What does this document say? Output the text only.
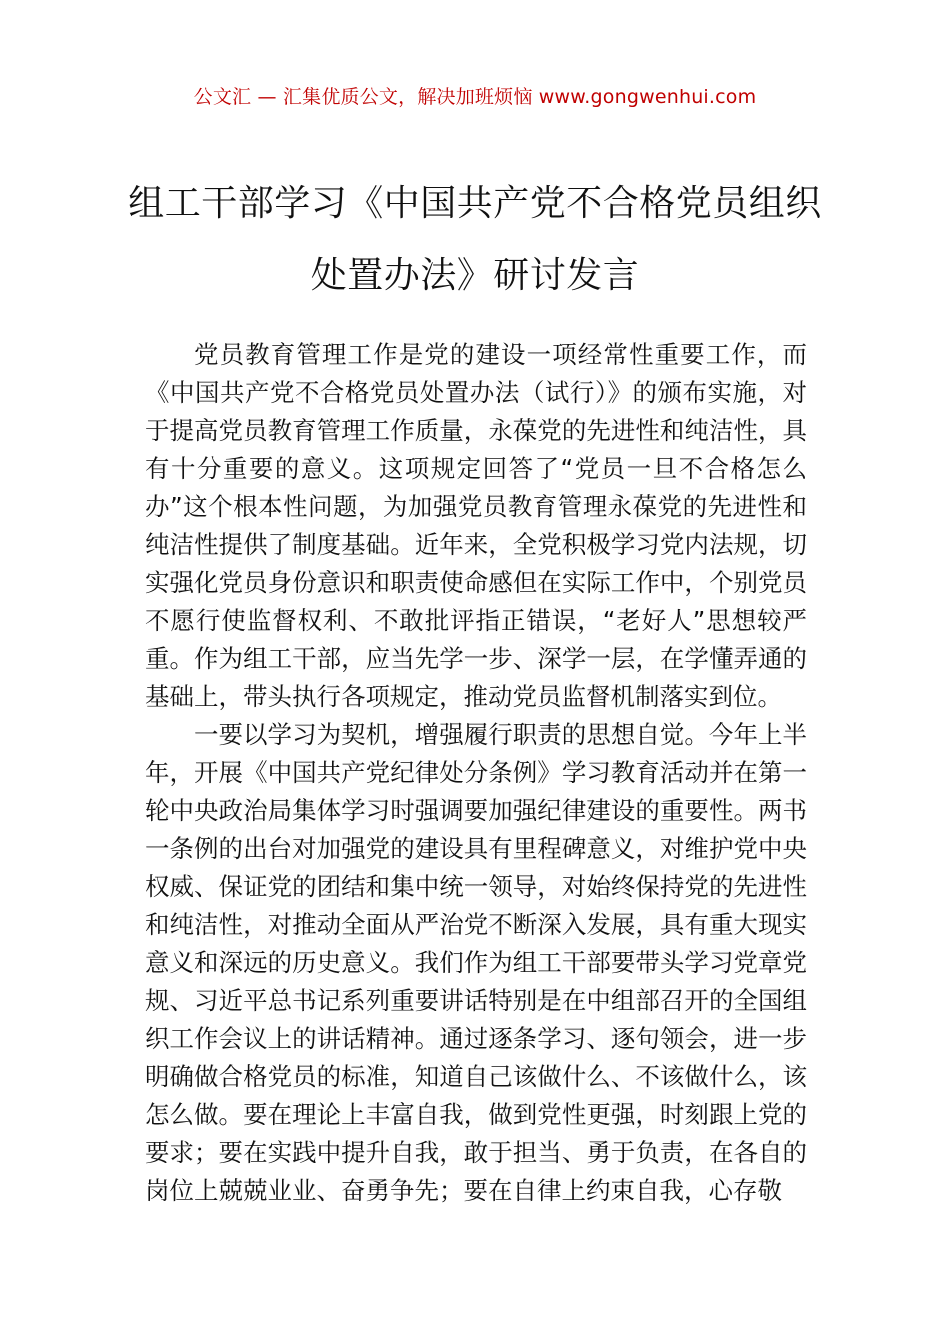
公文汇 — 汇集优质公文，解决加班烦恼 www.gongwenhui.com
组工干部学习《中国共产党不合格党员组织处置办法》研讨发言

党员教育管理工作是党的建设一项经常性重要工作，而《中国共产党不合格党员处置办法（试行）》的颁布实施，对于提高党员教育管理工作质量，永葆党的先进性和纯洁性，具有十分重要的意义。这项规定回答了“党员一旦不合格怎么办”这个根本性问题，为加强党员教育管理永葆党的先进性和纯洁性提供了制度基础。近年来，全党积极学习党内法规，切实强化党员身份意识和职责使命感但在实际工作中，个别党员不愿行使监督权利、不敢批评指正错误，“老好人”思想较严重。作为组工干部，应当先学一步、深学一层，在学懂弄通的基础上，带头执行各项规定，推动党员监督机制落实到位。

一要以学习为契机，增强履行职责的思想自觉。今年上半年，开展《中国共产党纪律处分条例》学习教育活动并在第一轮中央政治局集体学习时强调要加强纪律建设的重要性。两书一条例的出台对加强党的建设具有里程碑意义，对维护党中央权威、保证党的团结和集中统一领导，对始终保持党的先进性和纯洁性，对推动全面从严治党不断深入发展，具有重大现实意义和深远的历史意义。我们作为组工干部要带头学习党章党规、习近平总书记系列重要讲话特别是在中组部召开的全国组织工作会议上的讲话精神。通过逐条学习、逐句领会，进一步明确做合格党员的标准，知道自己该做什么、不该做什么，该怎么做。要在理论上丰富自我，做到党性更强，时刻跟上党的要求；要在实践中提升自我，敢于担当、勇于负责，在各自的岗位上兢兢业业、奋勇争先；要在自律上约束自我，心存敬
